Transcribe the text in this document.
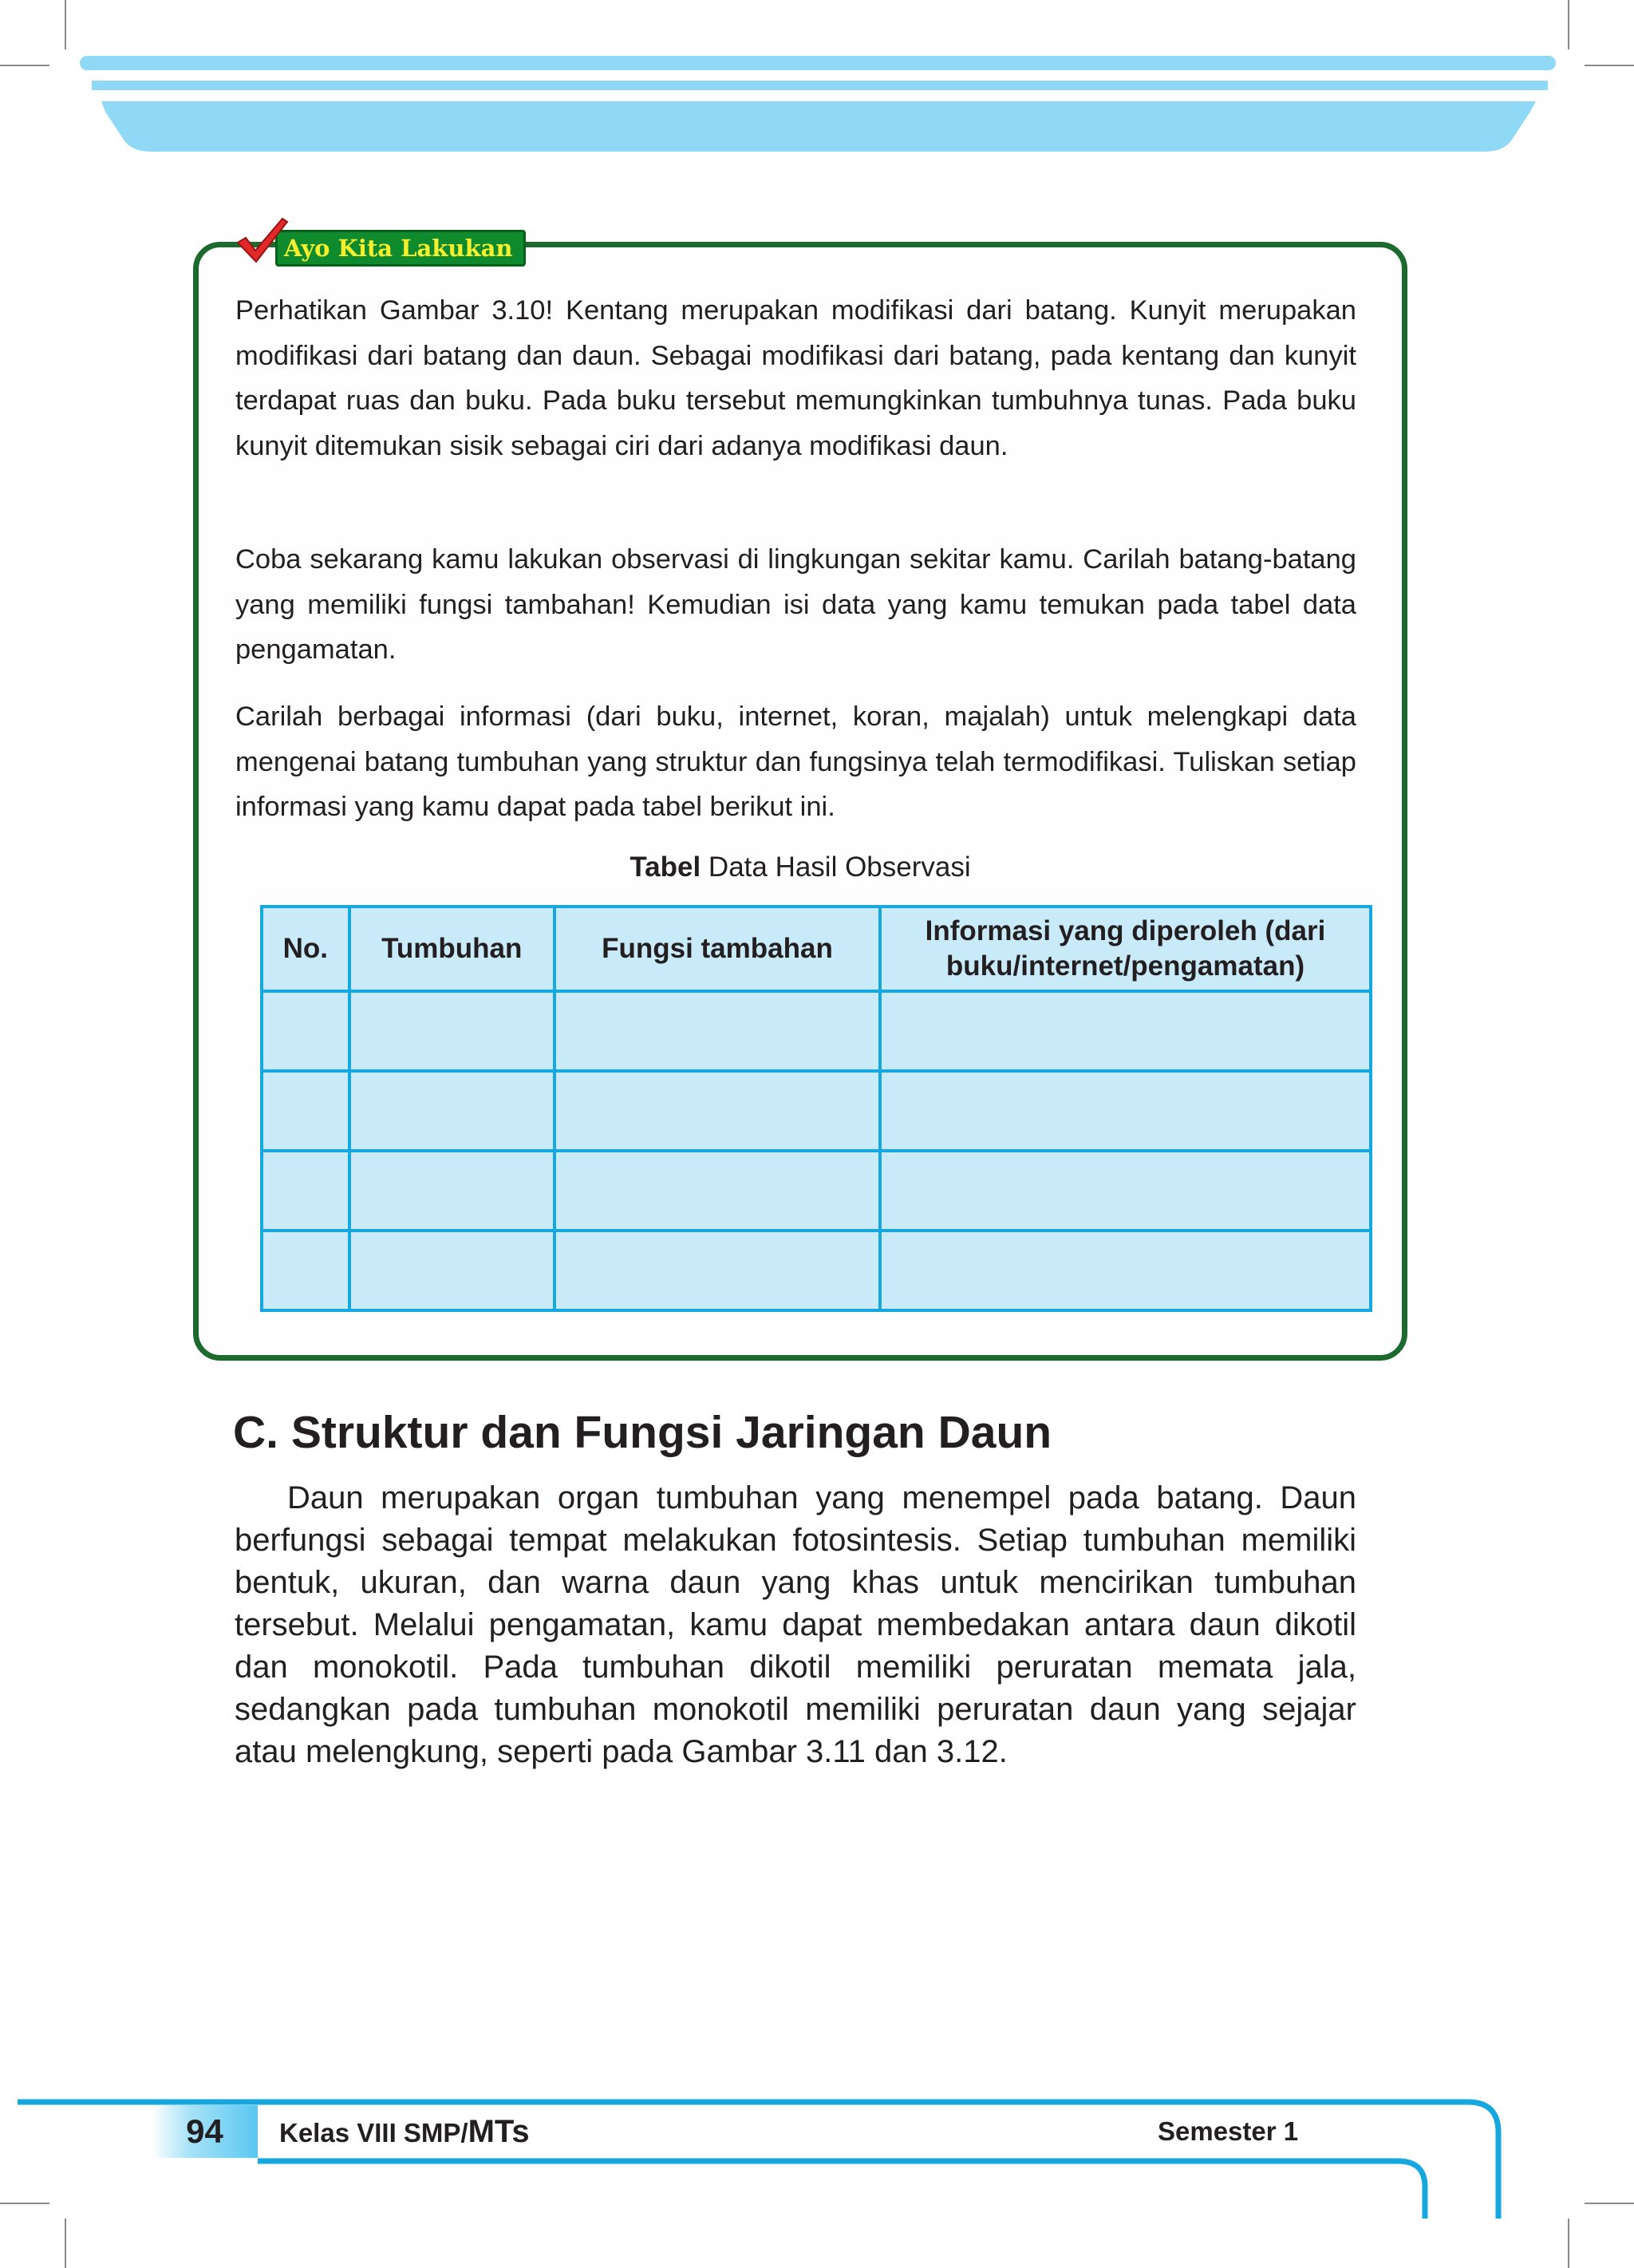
Ayo Kita Lakukan
Perhatikan Gambar 3.10! Kentang merupakan modifikasi dari batang. Kunyit merupakan modifikasi dari batang dan daun. Sebagai modifikasi dari batang, pada kentang dan kunyit terdapat ruas dan buku. Pada buku tersebut memungkinkan tumbuhnya tunas. Pada buku kunyit ditemukan sisik sebagai ciri dari adanya modifikasi daun.
Coba sekarang kamu lakukan observasi di lingkungan sekitar kamu. Carilah batang-batang yang memiliki fungsi tambahan! Kemudian isi data yang kamu temukan pada tabel data pengamatan.
Carilah berbagai informasi (dari buku, internet, koran, majalah) untuk melengkapi data mengenai batang tumbuhan yang struktur dan fungsinya telah termodifikasi. Tuliskan setiap informasi yang kamu dapat pada tabel berikut ini.
Tabel Data Hasil Observasi
No.	Tumbuhan	Fungsi tambahan	Informasi yang diperoleh (dari buku/internet/pengamatan)

C. Struktur dan Fungsi Jaringan Daun
Daun merupakan organ tumbuhan yang menempel pada batang. Daun berfungsi sebagai tempat melakukan fotosintesis. Setiap tumbuhan memiliki bentuk, ukuran, dan warna daun yang khas untuk mencirikan tumbuhan tersebut. Melalui pengamatan, kamu dapat membedakan antara daun dikotil dan monokotil. Pada tumbuhan dikotil memiliki peruratan memata jala, sedangkan pada tumbuhan monokotil memiliki peruratan daun yang sejajar atau melengkung, seperti pada Gambar 3.11 dan 3.12.
94	Kelas VIII SMP/MTs	Semester 1
